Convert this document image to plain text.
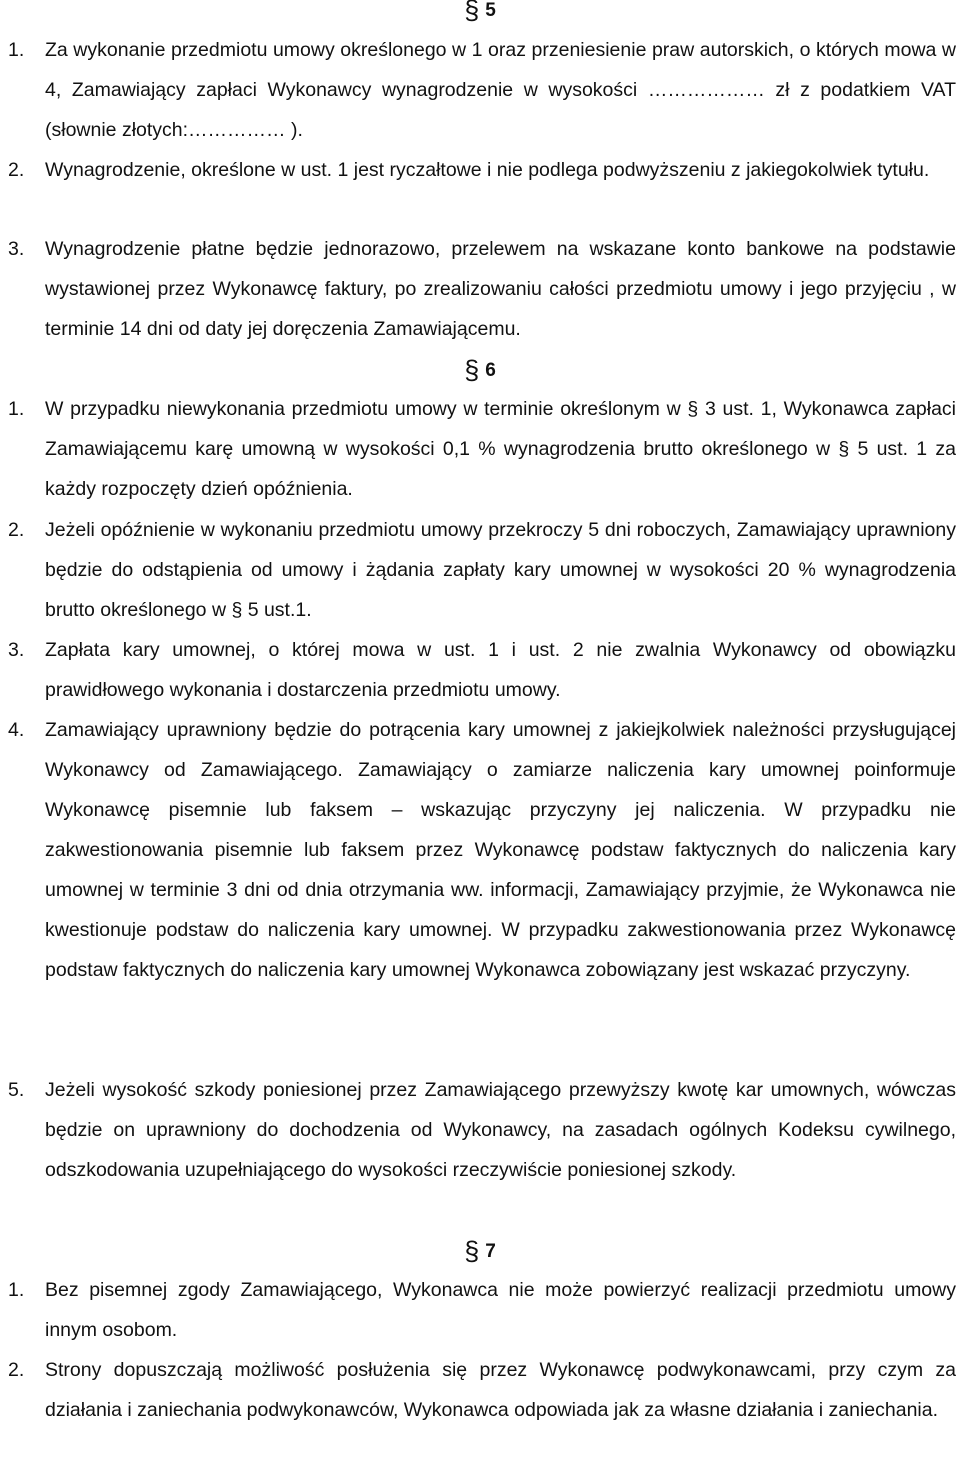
§ 5
1. Za wykonanie przedmiotu umowy określonego w 1 oraz przeniesienie praw autorskich, o których mowa w 4, Zamawiający zapłaci Wykonawcy wynagrodzenie w wysokości ……………… zł z podatkiem VAT (słownie złotych:…………… ).
2. Wynagrodzenie, określone w ust. 1 jest ryczałtowe i nie podlega podwyższeniu z jakiegokolwiek tytułu.
3. Wynagrodzenie płatne będzie jednorazowo, przelewem na wskazane konto bankowe na podstawie wystawionej przez Wykonawcę faktury, po zrealizowaniu całości przedmiotu umowy i jego przyjęciu , w terminie 14 dni od daty jej doręczenia Zamawiającemu.
§ 6
1. W przypadku niewykonania przedmiotu umowy w terminie określonym w § 3 ust. 1, Wykonawca zapłaci Zamawiającemu karę umowną w wysokości 0,1 % wynagrodzenia brutto określonego w § 5 ust. 1 za każdy rozpoczęty dzień opóźnienia.
2. Jeżeli opóźnienie w wykonaniu przedmiotu umowy przekroczy 5 dni roboczych, Zamawiający uprawniony będzie do odstąpienia od umowy i żądania zapłaty kary umownej w wysokości 20 % wynagrodzenia brutto określonego w § 5 ust.1.
3. Zapłata kary umownej, o której mowa w ust. 1 i ust. 2 nie zwalnia Wykonawcy od obowiązku prawidłowego wykonania i dostarczenia przedmiotu umowy.
4. Zamawiający uprawniony będzie do potrącenia kary umownej z jakiejkolwiek należności przysługującej Wykonawcy od Zamawiającego. Zamawiający o zamiarze naliczenia kary umownej poinformuje Wykonawcę pisemnie lub faksem – wskazując przyczyny jej naliczenia. W przypadku nie zakwestionowania pisemnie lub faksem przez Wykonawcę podstaw faktycznych do naliczenia kary umownej w terminie 3 dni od dnia otrzymania ww. informacji, Zamawiający przyjmie, że Wykonawca nie kwestionuje podstaw do naliczenia kary umownej. W przypadku zakwestionowania przez Wykonawcę podstaw faktycznych do naliczenia kary umownej Wykonawca zobowiązany jest wskazać przyczyny.
5. Jeżeli wysokość szkody poniesionej przez Zamawiającego przewyższy kwotę kar umownych, wówczas będzie on uprawniony do dochodzenia od Wykonawcy, na zasadach ogólnych Kodeksu cywilnego, odszkodowania uzupełniającego do wysokości rzeczywiście poniesionej szkody.
§ 7
1. Bez pisemnej zgody Zamawiającego, Wykonawca nie może powierzyć realizacji przedmiotu umowy innym osobom.
2. Strony dopuszczają możliwość posłużenia się przez Wykonawcę podwykonawcami, przy czym za działania i zaniechania podwykonawców, Wykonawca odpowiada jak za własne działania i zaniechania.
